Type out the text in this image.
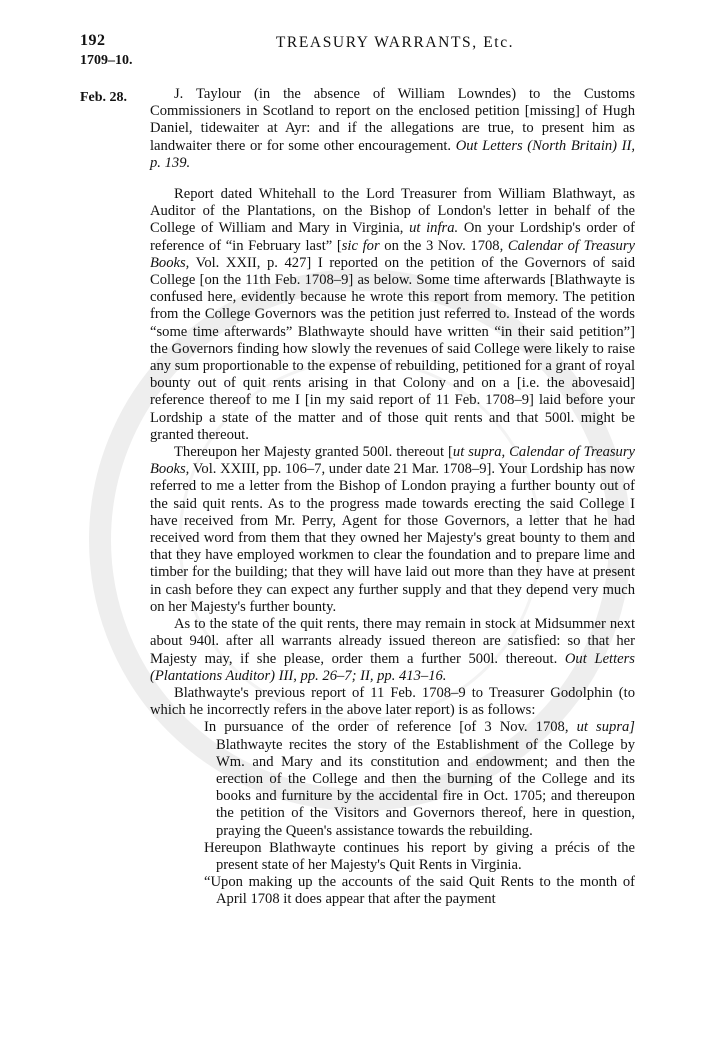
192	TREASURY WARRANTS, Etc.
1709–10.
Feb. 28.	J. Taylour (in the absence of William Lowndes) to the Customs Commissioners in Scotland to report on the enclosed petition [missing] of Hugh Daniel, tidewaiter at Ayr: and if the allegations are true, to present him as landwaiter there or for some other encouragement. Out Letters (North Britain) II, p. 139.

Report dated Whitehall to the Lord Treasurer from William Blathwayt, as Auditor of the Plantations, on the Bishop of London's letter in behalf of the College of William and Mary in Virginia, ut infra. On your Lordship's order of reference of “in February last” [sic for on the 3 Nov. 1708, Calendar of Treasury Books, Vol. XXII, p. 427] I reported on the petition of the Governors of said College [on the 11th Feb. 1708–9] as below. Some time afterwards [Blathwayte is confused here, evidently because he wrote this report from memory. The petition from the College Governors was the petition just referred to. Instead of the words “some time afterwards” Blathwayte should have written “in their said petition”] the Governors finding how slowly the revenues of said College were likely to raise any sum proportionable to the expense of rebuilding, petitioned for a grant of royal bounty out of quit rents arising in that Colony and on a [i.e. the abovesaid] reference thereof to me I [in my said report of 11 Feb. 1708–9] laid before your Lordship a state of the matter and of those quit rents and that 500l. might be granted thereout.

Thereupon her Majesty granted 500l. thereout [ut supra, Calendar of Treasury Books, Vol. XXIII, pp. 106–7, under date 21 Mar. 1708–9]. Your Lordship has now referred to me a letter from the Bishop of London praying a further bounty out of the said quit rents. As to the progress made towards erecting the said College I have received from Mr. Perry, Agent for those Governors, a letter that he had received word from them that they owned her Majesty's great bounty to them and that they have employed workmen to clear the foundation and to prepare lime and timber for the building; that they will have laid out more than they have at present in cash before they can expect any further supply and that they depend very much on her Majesty's further bounty.

As to the state of the quit rents, there may remain in stock at Midsummer next about 940l. after all warrants already issued thereon are satisfied: so that her Majesty may, if she please, order them a further 500l. thereout. Out Letters (Plantations Auditor) III, pp. 26–7; II, pp. 413–16.

Blathwayte's previous report of 11 Feb. 1708–9 to Treasurer Godolphin (to which he incorrectly refers in the above later report) is as follows:

In pursuance of the order of reference [of 3 Nov. 1708, ut supra] Blathwayte recites the story of the Establishment of the College by Wm. and Mary and its constitution and endowment; and then the erection of the College and then the burning of the College and its books and furniture by the accidental fire in Oct. 1705; and thereupon the petition of the Visitors and Governors thereof, here in question, praying the Queen's assistance towards the rebuilding.

Hereupon Blathwayte continues his report by giving a précis of the present state of her Majesty's Quit Rents in Virginia.

“Upon making up the accounts of the said Quit Rents to the month of April 1708 it does appear that after the payment
